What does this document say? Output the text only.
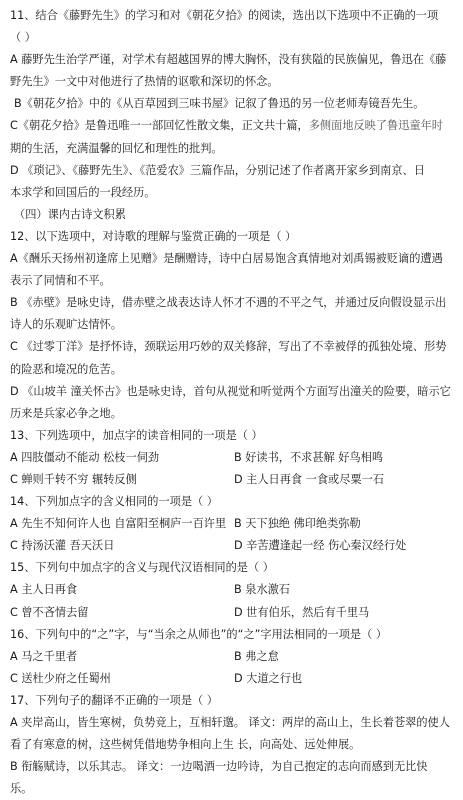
11、结合《藤野先生》的学习和对《朝花夕拾》的阅读，选出以下选项中不正确的一项
（ ）
A 藤野先生治学严谨，对学术有超越国界的博大胸怀，没有狭隘的民族偏见，鲁迅在《藤
野先生》一文中对他进行了热情的讴歌和深切的怀念。
B《朝花夕拾》中的《从百草园到三味书屋》记叙了鲁迅的另一位老师寿镜吾先生。
C《朝花夕拾》是鲁迅唯一一部回忆性散文集，正文共十篇，多侧面地反映了鲁迅童年时
期的生活，充满温馨的回忆和理性的批判。
D 《琐记》、《藤野先生》、《范爱农》三篇作品，分别记述了作者离开家乡到南京、日
本求学和回国后的一段经历。
（四）课内古诗文积累
12、以下选项中，对诗歌的理解与鉴赏正确的一项是（ ）
A《酬乐天扬州初逢席上见赠》是酬赠诗，诗中白居易饱含真情地对刘禹锡被贬谪的遭遇
表示了同情和不平。
B 《赤壁》是咏史诗，借赤壁之战表达诗人怀才不遇的不平之气，并通过反向假设显示出
诗人的乐观旷达情怀。
C 《过零丁洋》是抒怀诗，颈联运用巧妙的双关修辞，写出了不幸被俘的孤独处境、形势
的险恶和境况的危苦。
D 《山坡羊 潼关怀古》也是咏史诗，首句从视觉和听觉两个方面写出潼关的险要，暗示它
历来是兵家必争之地。
13、下列选项中，加点字的读音相同的一项是（ ）
A 四肢僵动不能动 松枝一伺劲	B 好读书，不求甚解 好鸟相鸣
C 蝉则千转不穷 辗转反侧	D 主人日再食 一食或尽粟一石
14、下列加点字的含义相同的一项是（ ）
A 先生不知何许人也 自富阳至桐庐一百许里 B 天下独绝 佛印绝类弥勒
C 持汤沃灌 吾天沃日	D 辛苦遭逢起一经 伤心秦汉经行处
15、下列句中加点字的含义与现代汉语相同的是（ ）
A 主人日再食	B 泉水激石
C 曾不吝情去留	D 世有伯乐，然后有千里马
16、下列句中的“之”字，与“当余之从师也”的“之”字用法相同的一项是（ ）
A 马之千里者	B 弗之怠
C 送杜少府之任蜀州	D 大道之行也
17、下列句子的翻译不正确的一项是（ ）
A 夹岸高山，皆生寒树，负势竞上，互相轩邈。 译文：两岸的高山上，生长着苍翠的使人
看了有寒意的树，这些树凭借地势争相向上生 长，向高处、远处伸展。
B 衔觞赋诗，以乐其志。 译文：一边喝酒一边吟诗，为自己抱定的志向而感到无比快
乐。
